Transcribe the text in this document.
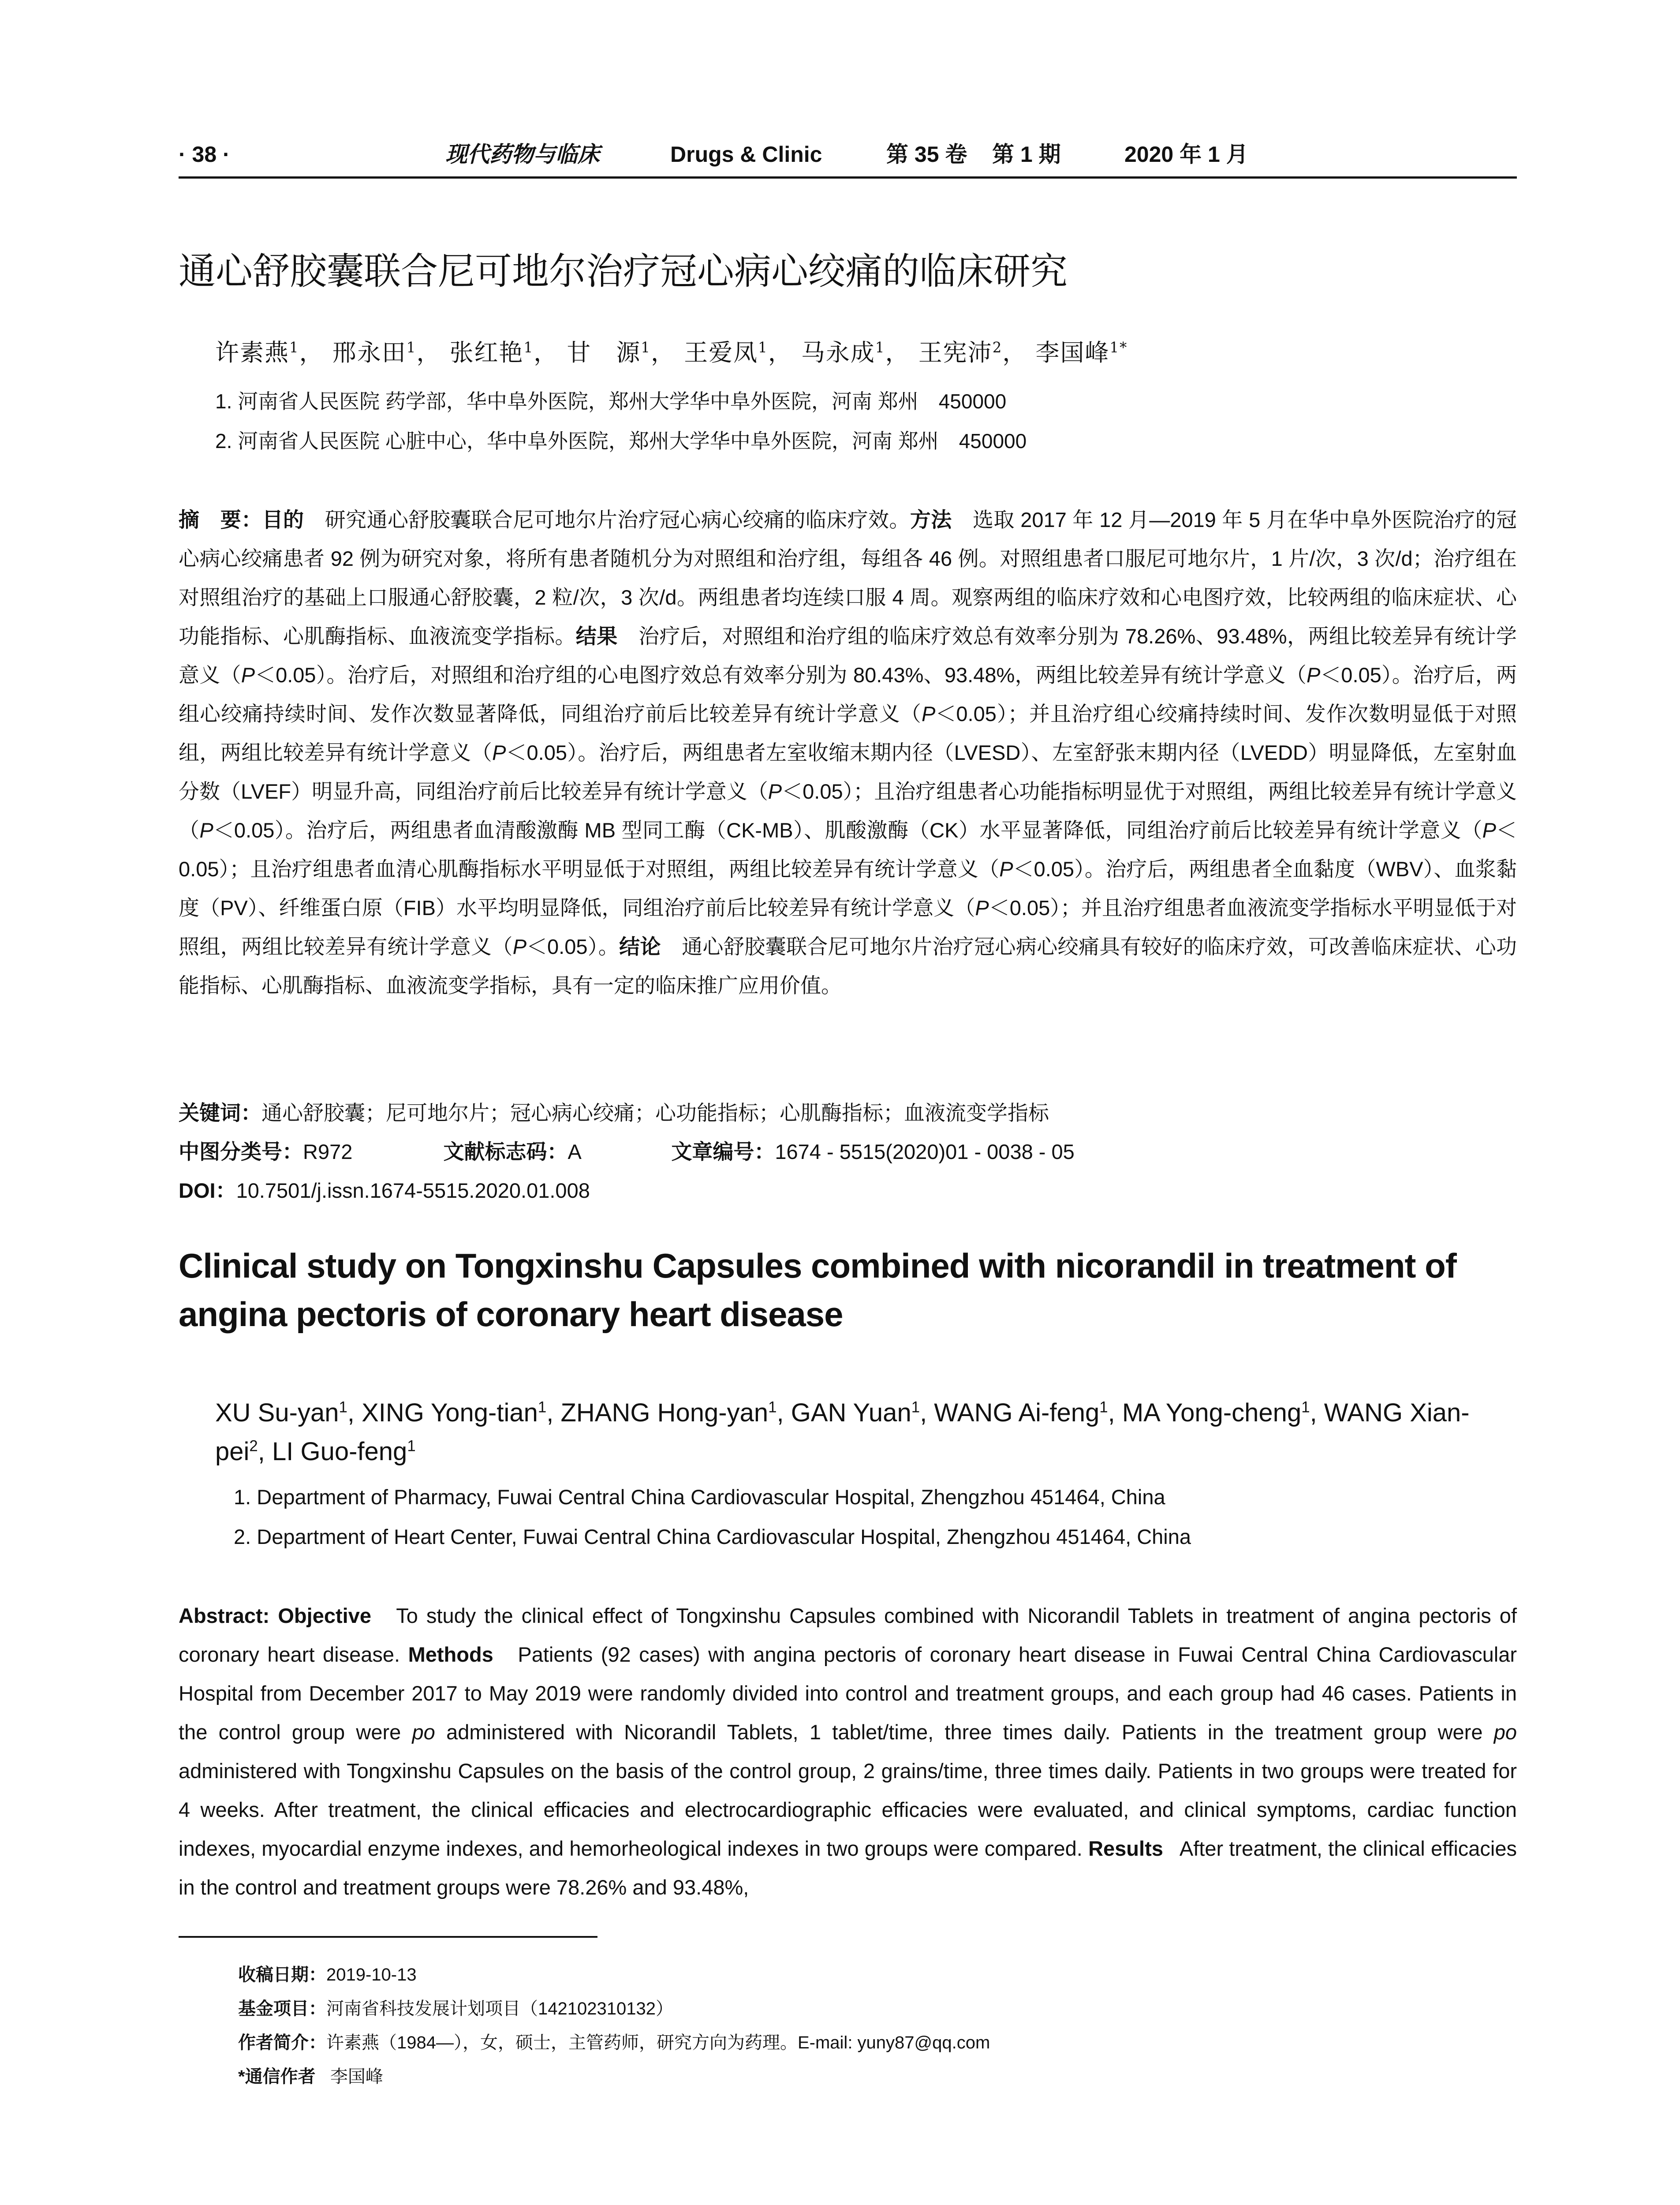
· 38 ·	现代药物与临床	Drugs & Clinic	第 35 卷 第 1 期	2020 年 1 月
通心舒胶囊联合尼可地尔治疗冠心病心绞痛的临床研究
许素燕$^1$， 邢永田$^1$， 张红艳$^1$， 甘　源$^1$， 王爱凤$^1$， 马永成$^1$， 王宪沛$^2$， 李国峰$^{1*}$
1. 河南省人民医院 药学部，华中阜外医院，郑州大学华中阜外医院，河南 郑州　450000
2. 河南省人民医院 心脏中心，华中阜外医院，郑州大学华中阜外医院，河南 郑州　450000
摘　要：目的　 研究通心舒胶囊联合尼可地尔片治疗冠心病心绞痛的临床疗效。方法　 选取 2017 年 12 月—2019 年 5 月在华中阜外医院治疗的冠心病心绞痛患者 92 例为研究对象，将所有患者随机分为对照组和治疗组，每组各 46 例。对照组患者口服尼可地尔片，1 片/次，3 次/d；治疗组在对照组治疗的基础上口服通心舒胶囊，2 粒/次，3 次/d。两组患者均连续口服 4 周。观察两组的临床疗效和心电图疗效，比较两组的临床症状、心功能指标、心肌酶指标、血液流变学指标。结果　 治疗后，对照组和治疗组的临床疗效总有效率分别为 78.26%、93.48%，两组比较差异有统计学意义（P＜0.05）。治疗后，对照组和治疗组的心电图疗效总有效率分别为 80.43%、93.48%，两组比较差异有统计学意义（P＜0.05）。治疗后，两组心绞痛持续时间、发作次数显著降低，同组治疗前后比较差异有统计学意义（P＜0.05）；并且治疗组心绞痛持续时间、发作次数明显低于对照组，两组比较差异有统计学意义（P＜0.05）。治疗后，两组患者左室收缩末期内径（LVESD）、左室舒张末期内径（LVEDD）明显降低，左室射血分数（LVEF）明显升高，同组治疗前后比较差异有统计学意义（P＜0.05）；且治疗组患者心功能指标明显优于对照组，两组比较差异有统计学意义（P＜0.05）。治疗后，两组患者血清酸激酶 MB 型同工酶（CK-MB）、肌酸激酶（CK）水平显著降低，同组治疗前后比较差异有统计学意义（P＜0.05）；且治疗组患者血清心肌酶指标水平明显低于对照组，两组比较差异有统计学意义（P＜0.05）。治疗后，两组患者全血黏度（WBV）、血浆黏度（PV）、纤维蛋白原（FIB）水平均明显降低，同组治疗前后比较差异有统计学意义（P＜0.05）；并且治疗组患者血液流变学指标水平明显低于对照组，两组比较差异有统计学意义（P＜0.05）。结论　 通心舒胶囊联合尼可地尔片治疗冠心病心绞痛具有较好的临床疗效，可改善临床症状、心功能指标、心肌酶指标、血液流变学指标，具有一定的临床推广应用价值。
关键词：通心舒胶囊；尼可地尔片；冠心病心绞痛；心功能指标；心肌酶指标；血液流变学指标
中图分类号：R972	文献标志码：A	文章编号：1674 - 5515(2020)01 - 0038 - 05
DOI：10.7501/j.issn.1674-5515.2020.01.008
Clinical study on Tongxinshu Capsules combined with nicorandil in treatment of
angina pectoris of coronary heart disease
XU Su-yan$^1$, XING Yong-tian$^1$, ZHANG Hong-yan$^1$, GAN Yuan$^1$, WANG Ai-feng$^1$, MA Yong-cheng$^1$, WANG Xian-pei$^2$, LI Guo-feng$^1$
1. Department of Pharmacy, Fuwai Central China Cardiovascular Hospital, Zhengzhou 451464, China
2. Department of Heart Center, Fuwai Central China Cardiovascular Hospital, Zhengzhou 451464, China
Abstract: Objective To study the clinical effect of Tongxinshu Capsules combined with Nicorandil Tablets in treatment of angina pectoris of coronary heart disease. Methods Patients (92 cases) with angina pectoris of coronary heart disease in Fuwai Central China Cardiovascular Hospital from December 2017 to May 2019 were randomly divided into control and treatment groups, and each group had 46 cases. Patients in the control group were po administered with Nicorandil Tablets, 1 tablet/time, three times daily. Patients in the treatment group were po administered with Tongxinshu Capsules on the basis of the control group, 2 grains/time, three times daily. Patients in two groups were treated for 4 weeks. After treatment, the clinical efficacies and electrocardiographic efficacies were evaluated, and clinical symptoms, cardiac function indexes, myocardial enzyme indexes, and hemorheological indexes in two groups were compared. Results After treatment, the clinical efficacies in the control and treatment groups were 78.26% and 93.48%,
收稿日期：2019-10-13
基金项目：河南省科技发展计划项目（142102310132）
作者简介：许素燕（1984—），女，硕士，主管药师，研究方向为药理。E-mail: yuny87@qq.com
*通信作者 李国峰
